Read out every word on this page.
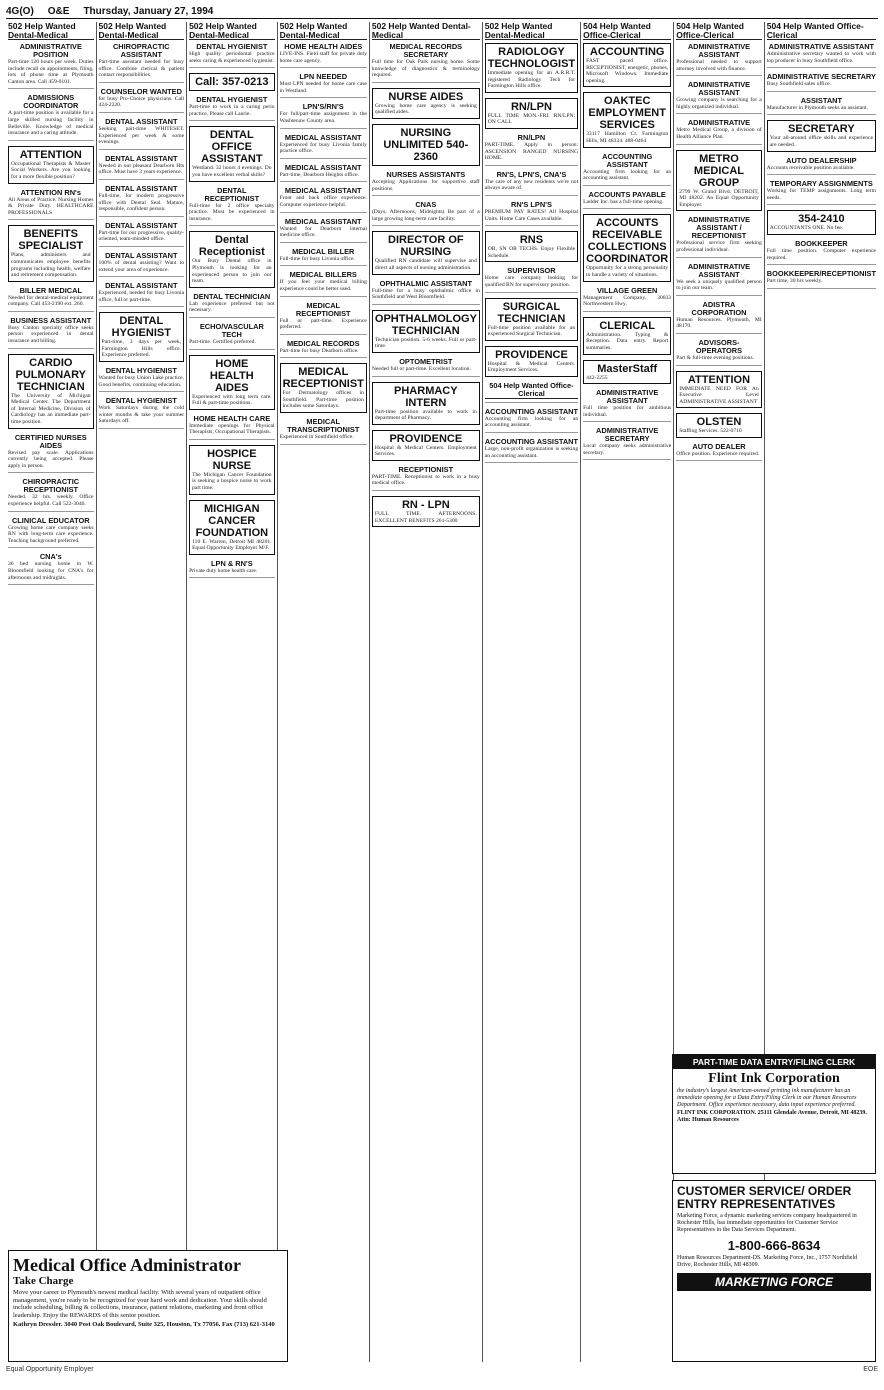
4G(O) O&E Thursday, January 27, 1994
502 Help Wanted Dental-Medical
ADMINISTRATIVE POSITION

Part-time 120 hours per week. Duties include recall on appointments, filing, lots of phone time at Plymouth Canton area. Call 459-0101.

ADMISSIONS COORDINATOR

A part-time position is available for a large skilled nursing facility in Belleville. Knowledge of medical insurance and a caring attitude.

ATTENTION

Occupational Therapists & Master Social Workers. Are you looking for a more flexible position?

ATTENTION RN's

All Areas of Practice. Nursing Homes & Private Duty. HEALTHCARE PROFESSIONALS

BENEFITS SPECIALIST

Plans, administers and communicates employee benefits programs including health, welfare and retirement compensation.

BILLER MEDICAL

Needed for dental-medical equipment company. Call 453-2190 ext. 260.

BUSINESS ASSISTANT

Busy Canton specialty office seeks person experienced in dental insurance and billing.

CARDIO PULMONARY TECHNICIAN

The University of Michigan Medical Center. The Department of Internal Medicine, Division of Cardiology has an immediate part-time position.

CERTIFIED NURSES AIDES

Revised pay scale. Applications currently being accepted. Please apply in person.

CHIROPRACTIC RECEPTIONIST

Needed. 32 hrs. weekly. Office experience helpful. Call 522-3040.

CLINICAL EDUCATOR

Growing home care company seeks RN with long-term care experience. Teaching background preferred.

CNA's

36 bed nursing home in W. Bloomfield looking for CNA's for afternoons and midnights.

502 Help Wanted Dental-Medical
CHIROPRACTIC ASSISTANT

Part-time assistant needed for busy office. Combine clerical & patient contact responsibilities.

COUNSELOR WANTED

for busy Pro-Choice physicians. Call 424-2220.

DENTAL ASSISTANT

Seeking part-time WHITESET. Experienced per week & some evenings.

DENTAL ASSISTANT

Needed in our pleasant Dearborn Hts office. Must have 3 years experience.

DENTAL ASSISTANT

Full-time, for modern progressive office with Dental Seal. Mature, responsible, confident person.

DENTAL ASSISTANT

Part-time for our progressive, quality-oriented, team-minded office.

DENTAL ASSISTANT

100% of dental assisting? Want to extend your area of experience.

DENTAL ASSISTANT

Experienced, needed for busy Livonia office, full or part-time.

DENTAL HYGIENIST

Part-time, 3 days per week, Farmington Hills office. Experience preferred.

DENTAL HYGIENIST

Wanted for busy Union Lake practice. Good benefits, continuing education.

DENTAL HYGIENIST

Work Saturdays during the cold winter months & take your summer Saturdays off.

502 Help Wanted Dental-Medical
DENTAL HYGIENIST

High quality periodontal practice seeks caring & experienced hygienist.

Call: 357-0213

DENTAL HYGIENIST

Part-time to work in a caring perio practice. Please call Laurie.

DENTAL OFFICE ASSISTANT

Westland. 32 hours 4 evenings. Do you have excellent verbal skills?

DENTAL RECEPTIONIST

Full-time for 2 office specialty practice. Must be experienced in insurance.

Dental Receptionist

Our Busy Dental office in Plymouth is looking for an experienced person to join our team.

DENTAL TECHNICIAN

Lab experience preferred but not necessary.

ECHO/VASCULAR TECH

Part-time. Certified preferred.

HOME HEALTH AIDES

Experienced with long term care. Full & part-time positions.

HOME HEALTH CARE

Immediate openings for Physical Therapists, Occupational Therapists.

HOSPICE NURSE

The Michigan Cancer Foundation is seeking a hospice nurse to work part time.

MICHIGAN CANCER FOUNDATION

110 E. Warren, Detroit MI 48201. Equal Opportunity Employer M/F.

LPN & RN'S

Private duty home health care.

502 Help Wanted Dental-Medical
HOME HEALTH AIDES

LIVE-INS. Field staff for private duty home care agency.

LPN NEEDED

Must LPN needed for home care case in Westland.

LPN'S/RN'S

For full/part-time assignment in the Washtenaw County area.

MEDICAL ASSISTANT

Experienced for busy Livonia family practice office.

MEDICAL ASSISTANT

Part-time, Dearborn Heights office.

MEDICAL ASSISTANT

Front and back office experience. Computer experience helpful.

MEDICAL ASSISTANT

Wanted for Dearborn internal medicine office.

MEDICAL BILLER

Full-time for busy Livonia office.

MEDICAL BILLERS

If you feel your medical billing experience could be better used.

MEDICAL RECEPTIONIST

Full or part-time. Experience preferred.

MEDICAL RECORDS

Part-time for busy Dearborn office.

MEDICAL RECEPTIONIST

For Dermatology offices in Southfield. Part-time position includes some Saturdays.

MEDICAL TRANSCRIPTIONIST

Experienced in Southfield office.

502 Help Wanted Dental-Medical
MEDICAL RECORDS SECRETARY

Full time for Oak Park nursing home. Some knowledge of diagnostics & terminology required.

NURSE AIDES

Growing home care agency is seeking qualified aides.

NURSING UNLIMITED 540-2360

NURSES ASSISTANTS

Accepting Applications for supportive staff positions.

CNAS

(Days, Afternoons, Midnights) Be part of a large growing long-term care facility.

DIRECTOR OF NURSING

Qualified RN candidate will supervise and direct all aspects of nursing administration.

OPHTHALMIC ASSISTANT

Full-time for a busy ophthalmic office in Southfield and West Bloomfield.

OPHTHALMOLOGY TECHNICIAN

Technician position. 5-6 weeks. Full or part-time.

OPTOMETRIST

Needed full or part-time. Excellent location.

PHARMACY INTERN

Part-time position available to work in department of Pharmacy.

PROVIDENCE

Hospital & Medical Centers. Employment Services.

RECEPTIONIST

PART-TIME. Receptionist to work in a busy medical office.

RN - LPN

FULL TIME. AFTERNOONS. EXCELLENT BENEFITS 261-5300

502 Help Wanted Dental-Medical
RADIOLOGY TECHNOLOGIST

Immediate opening for an A.R.R.T. registered Radiology Tech for Farmington Hills office.

RN/LPN

FULL TIME MON.-FRI. RN/LPN: ON CALL

RN/LPN

PART-TIME. Apply in person: ASCENSION RANGED NURSING HOME.

RN'S, LPN'S, CNA'S

The care of any new residents we're not always aware of.

RN'S LPN'S

PREMIUM PAY RATES! All Hospital Units. Home Care Cases available.

RNS

OR, SN OR TECHS. Enjoy Flexible Schedule.

SUPERVISOR

Home care company looking for qualified RN for supervisory position.

SURGICAL TECHNICIAN

Full-time position available for an experienced Surgical Technician.

PROVIDENCE

Hospital & Medical Centers. Employment Services.

504 Help Wanted Office-Clerical

ACCOUNTING ASSISTANT

Accounting firm looking for an accounting assistant.

ACCOUNTING ASSISTANT

Large, non-profit organization is seeking an accounting assistant.

504 Help Wanted Office-Clerical
ACCOUNTING

FAST paced office. RECEPTIONIST, energetic, phones, Microsoft Windows. Immediate opening.

OAKTEC EMPLOYMENT SERVICES

33117 Hamilton Ct. Farmington Hills, MI 48334. 488-0464

ACCOUNTING ASSISTANT

Accounting firm looking for an accounting assistant.

ACCOUNTS PAYABLE

Ladder Inc. has a full-time opening.

ACCOUNTS RECEIVABLE COLLECTIONS COORDINATOR

Opportunity for a strong personality to handle a variety of situations.

VILLAGE GREEN

Management Company. 30833 Northwestern Hwy.

CLERICAL

Administration. Typing & Reception. Data entry. Report summaries.

MasterStaff

442-2255

ADMINISTRATIVE ASSISTANT

Full time position for ambitious individual.

ADMINISTRATIVE SECRETARY

Local company seeks administrative secretary.

504 Help Wanted Office-Clerical
ADMINISTRATIVE ASSISTANT

Professional needed to support attorney involved with finance.

ADMINISTRATIVE ASSISTANT

Growing company is searching for a highly organized individual.

ADMINISTRATIVE

Metro Medical Group, a division of Health Alliance Plan.

METRO MEDICAL GROUP

2799 W. Grand Blvd. DETROIT, MI 48202. An Equal Opportunity Employer.

ADMINISTRATIVE ASSISTANT / RECEPTIONIST

Professional service firm seeking professional individual.

ADMINISTRATIVE ASSISTANT

We seek a uniquely qualified person to join our team.

ADISTRA CORPORATION

Human Resources. Plymouth, MI 48170.

ADVISORS-OPERATORS

Part & full-time evening positions.

ATTENTION

IMMEDIATE NEED FOR An Executive Level ADMINISTRATIVE ASSISTANT

OLSTEN

Staffing Services. 522-0710

AUTO DEALER

Office position. Experience required.

504 Help Wanted Office-Clerical
ADMINISTRATIVE ASSISTANT

Administrative secretary wanted to work with top producer in busy Southfield office.

ADMINISTRATIVE SECRETARY

Busy Southfield sales office.

ASSISTANT

Manufacturer in Plymouth seeks an assistant.

SECRETARY

Your all-around office skills and experience are needed.

AUTO DEALERSHIP

Accounts receivable position available.

TEMPORARY ASSIGNMENTS

Working for TEMP assignments. Long term needs.

354-2410

ACCOUNTANTS ONE. No fee.

BOOKKEEPER

Full time position. Computer experience required.

BOOKKEEPER/RECEPTIONIST

Part time, 30 hrs weekly.

Medical Office Administrator
Take Charge

Move your career to Plymouth's newest medical facility. With several years of outpatient office management, you're ready to be recognized for your hard work and dedication. Your skills should include scheduling, billing & collections, insurance, patient relations, marketing and front office leadership. Enjoy the REWARDS of this senior position.

Kathryn Dressler. 3040 Post Oak Boulevard, Suite 325, Houston, Tx 77056. Fax (713) 621-3140

PART-TIME DATA ENTRY/FILING CLERK
Flint Ink Corporation

the industry's largest American-owned printing ink manufacturer has an immediate opening for a Data Entry/Filing Clerk in our Human Resources Department. Office experience necessary, data input experience preferred.

FLINT INK CORPORATION. 25111 Glendale Avenue, Detroit, MI 48239. Attn: Human Resources

CUSTOMER SERVICE/ ORDER ENTRY REPRESENTATIVES

Marketing Force, a dynamic marketing services company headquartered in Rochester Hills, has immediate opportunities for Customer Service Representatives in the Data Services Department.

1-800-666-8634

Human Resources Department-DS. Marketing Force, Inc., 1757 Northfield Drive, Rochester Hills, MI 48309.

MARKETING FORCE
Equal Opportunity Employer	EOE
